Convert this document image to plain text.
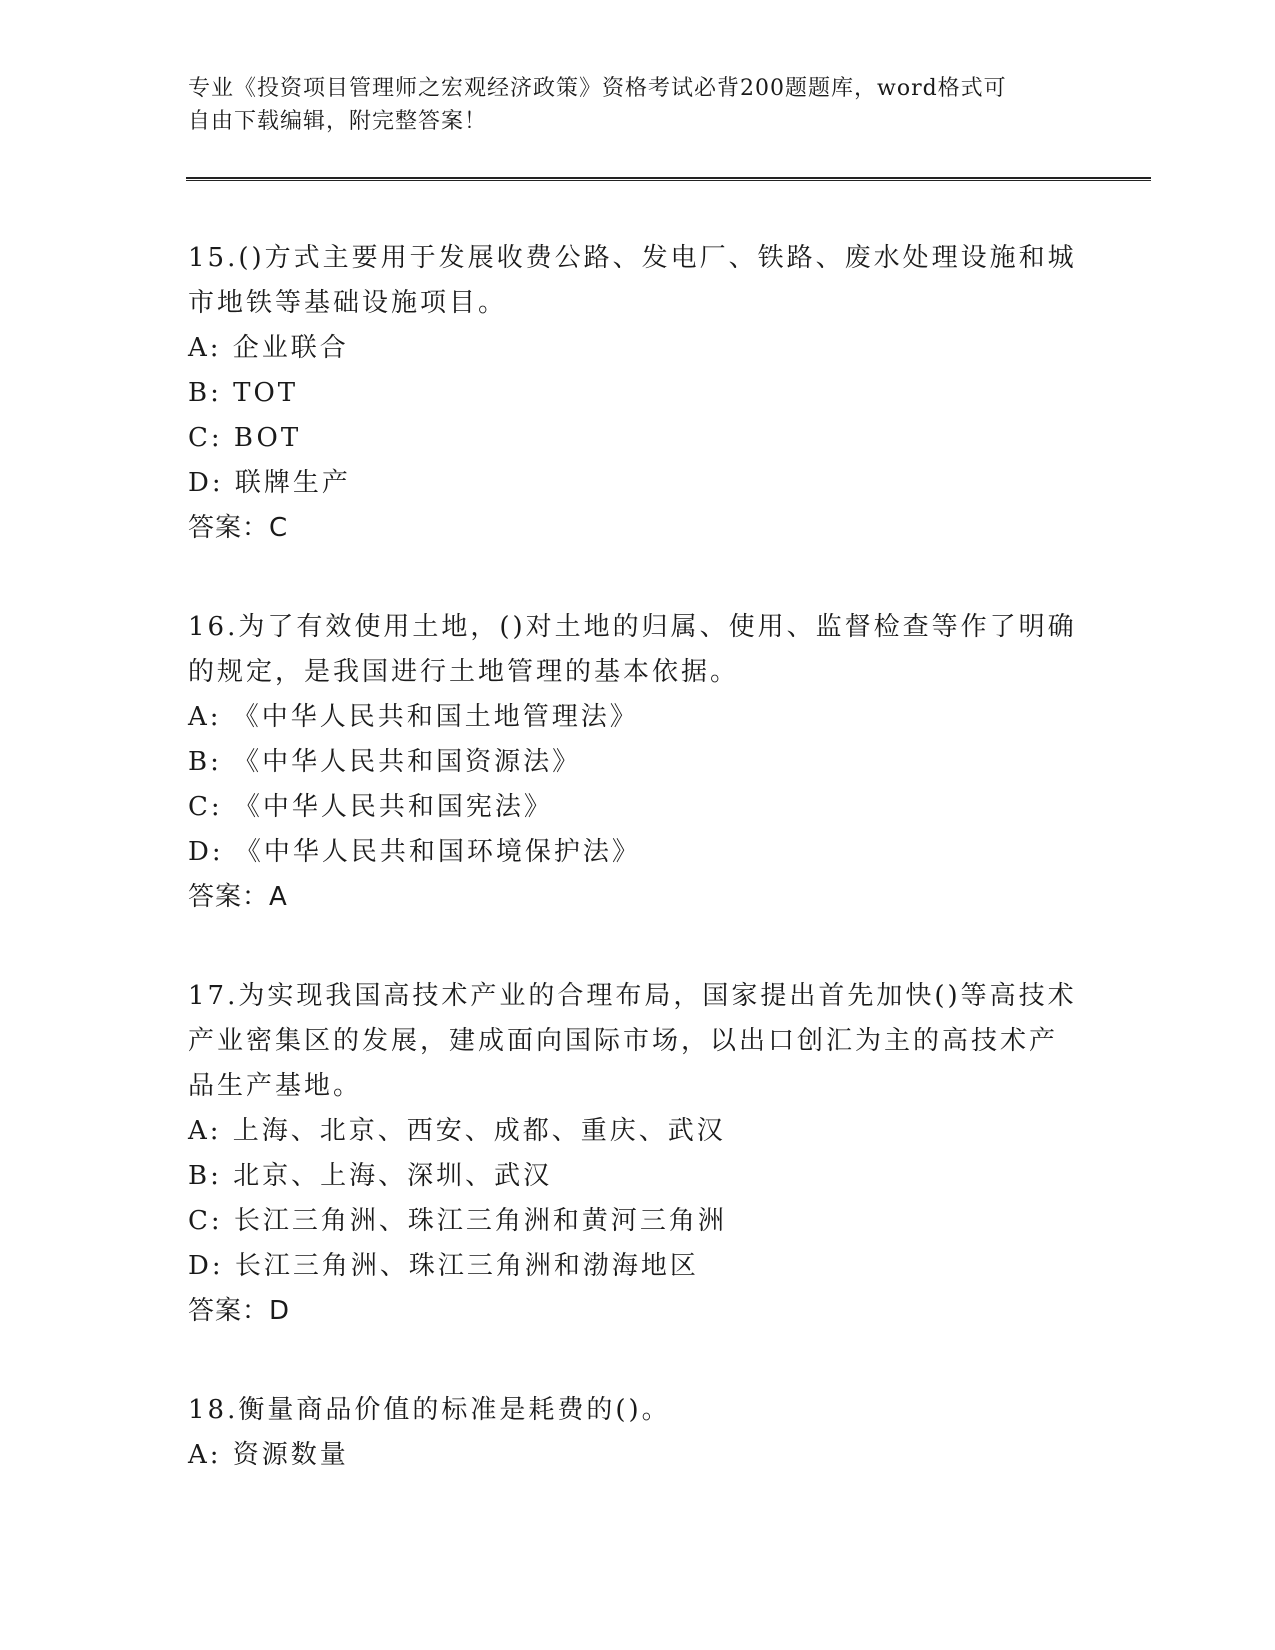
专业《投资项目管理师之宏观经济政策》资格考试必背200题题库，word格式可
自由下载编辑，附完整答案！

15.()方式主要用于发展收费公路、发电厂、铁路、废水处理设施和城

市地铁等基础设施项目。

A: 企业联合

B: TOT

C: BOT

D: 联牌生产

答案：C

16.为了有效使用土地，()对土地的归属、使用、监督检查等作了明确

的规定，是我国进行土地管理的基本依据。

A: 《中华人民共和国土地管理法》

B: 《中华人民共和国资源法》

C: 《中华人民共和国宪法》

D: 《中华人民共和国环境保护法》

答案：A

17.为实现我国高技术产业的合理布局，国家提出首先加快()等高技术

产业密集区的发展，建成面向国际市场，以出口创汇为主的高技术产

品生产基地。

A: 上海、北京、西安、成都、重庆、武汉

B: 北京、上海、深圳、武汉

C: 长江三角洲、珠江三角洲和黄河三角洲

D: 长江三角洲、珠江三角洲和渤海地区

答案：D

18.衡量商品价值的标准是耗费的()。

A: 资源数量
